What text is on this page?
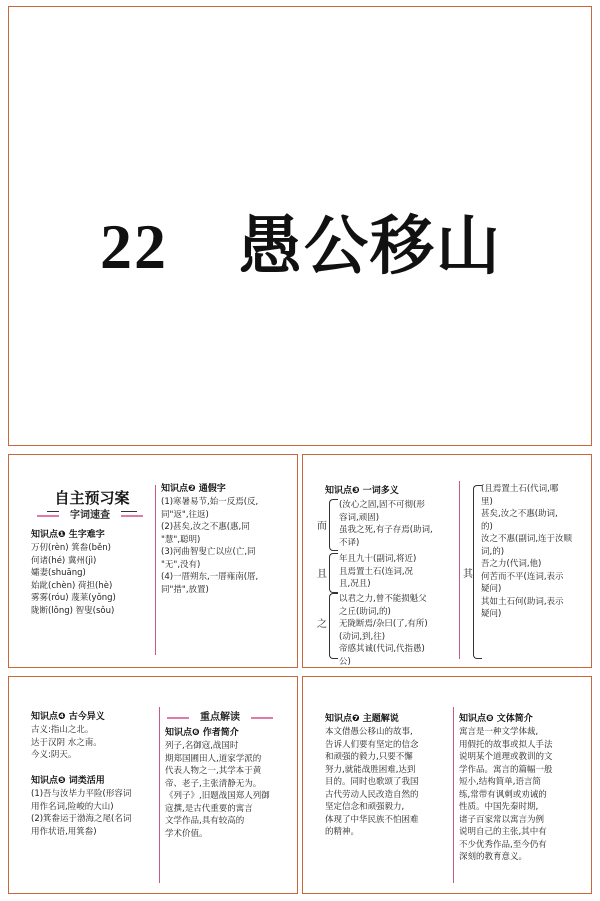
22 愚公移山
自主预习案
字词速查
知识点❶ 生字难字
万仞(rèn) 箕畚(běn)
何诸(hé) 冀州(jì)
孀妻(shuāng)
始龀(chèn) 荷担(hè)
雾雾(róu) 蔑莱(yǒng)
陇断(lǒng) 智叟(sǒu)
知识点❷ 通假字
(1)寒暑易节,始一反焉(反,
同"返",往返)
(2)甚矣,汝之不惠(惠,同
"慧",聪明)
(3)河曲智叟亡以应(亡,同
"无",没有)
(4)一厝朔东,一厝雍南(厝,
同"措",放置)
知识点❸ 一词多义
而
(汝心之固,固不可彻(形
容词,顽固)
虽我之死,有子存焉(助词,
不译)
且
年且九十(副词,将近)
且焉置土石(连词,况
且,况且)
之
以君之力,曾不能损魁父
之丘(助词,的)
无陇断焉/杂曰(了,有所)
(动词,到,往)
帝感其诚(代词,代指愚)
公)
其
(且焉置土石(代词,哪
里)
甚矣,汝之不惠(助词,
的)
汝之不惠(副词,连于汝顺
词,的)
吾之力(代词,他)
何苦而不平(连词,表示
疑问)
其如土石何(助词,表示
疑问)
知识点❹ 古今异义
古义:指山之北。
达于汉阴 水之南。
今义:阴天。
知识点❺ 词类活用
(1)吾与汝毕力平险(形容词
用作名词,险峻的大山)
(2)箕畚运于渤海之尾(名词
用作状语,用箕畚)
重点解读
知识点❻ 作者简介
列子,名御寇,战国时
期郑国圃田人,道家学派的
代表人物之一,其学本于黄
帝、老子,主张清静无为。
《列子》,旧题战国郑人列御
寇撰,是古代重要的寓言
文学作品,具有较高的
学术价值。
知识点❼ 主题解说
本文借愚公移山的故事,
告诉人们要有坚定的信念
和顽强的毅力,只要不懈
努力,就能战胜困难,达到
目的。同时也歌颂了我国
古代劳动人民改造自然的
坚定信念和顽强毅力,
体现了中华民族不怕困难
的精神。
知识点❽ 文体简介
寓言是一种文学体裁,
用假托的故事或拟人手法
说明某个道理或教训的文
学作品。寓言的篇幅一般
短小,结构简单,语言简
练,常带有讽刺或劝诫的
性质。中国先秦时期,
诸子百家常以寓言为例
说明自己的主张,其中有
不少优秀作品,至今仍有
深刻的教育意义。
